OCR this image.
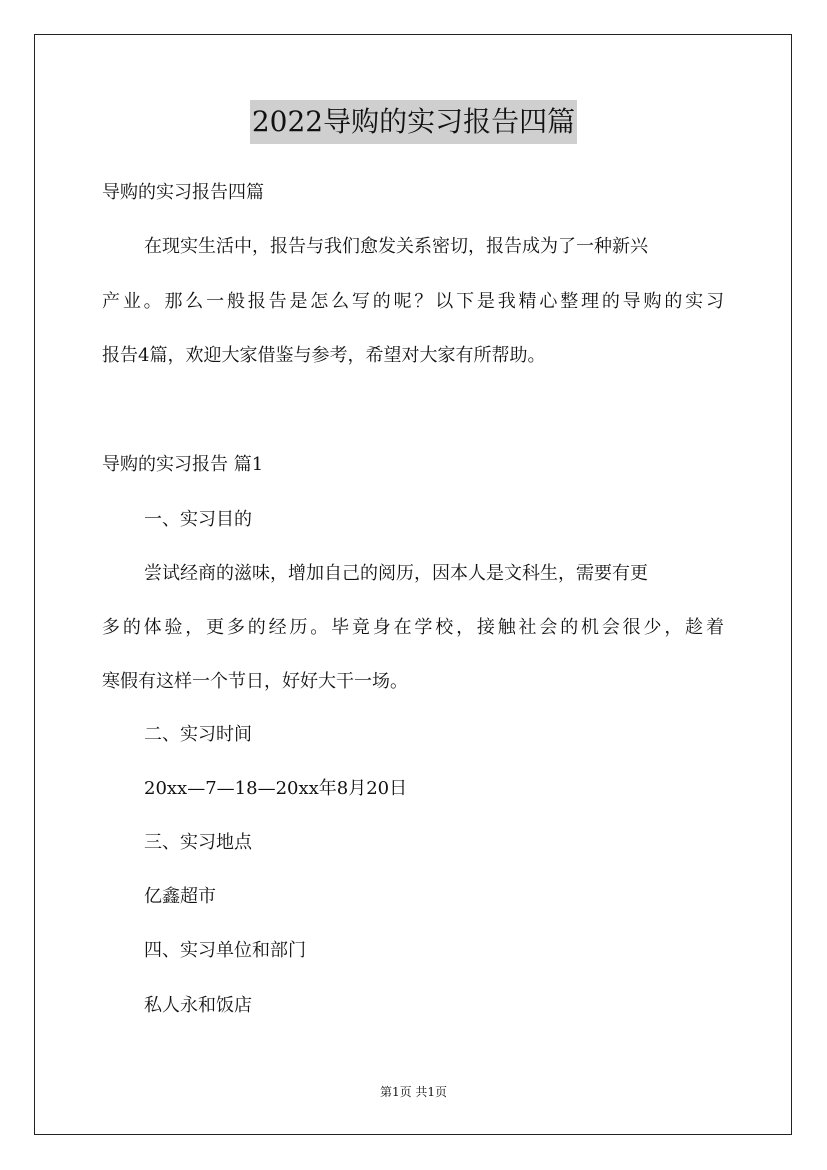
2022导购的实习报告四篇
导购的实习报告四篇
在现实生活中，报告与我们愈发关系密切，报告成为了一种新兴
产业。那么一般报告是怎么写的呢？以下是我精心整理的导购的实习
报告4篇，欢迎大家借鉴与参考，希望对大家有所帮助。
导购的实习报告 篇1
一、实习目的
尝试经商的滋味，增加自己的阅历，因本人是文科生，需要有更
多的体验，更多的经历。毕竟身在学校，接触社会的机会很少，趁着
寒假有这样一个节日，好好大干一场。
二、实习时间
20xx—7—18—20xx年8月20日
三、实习地点
亿鑫超市
四、实习单位和部门
私人永和饭店
第1页 共1页
